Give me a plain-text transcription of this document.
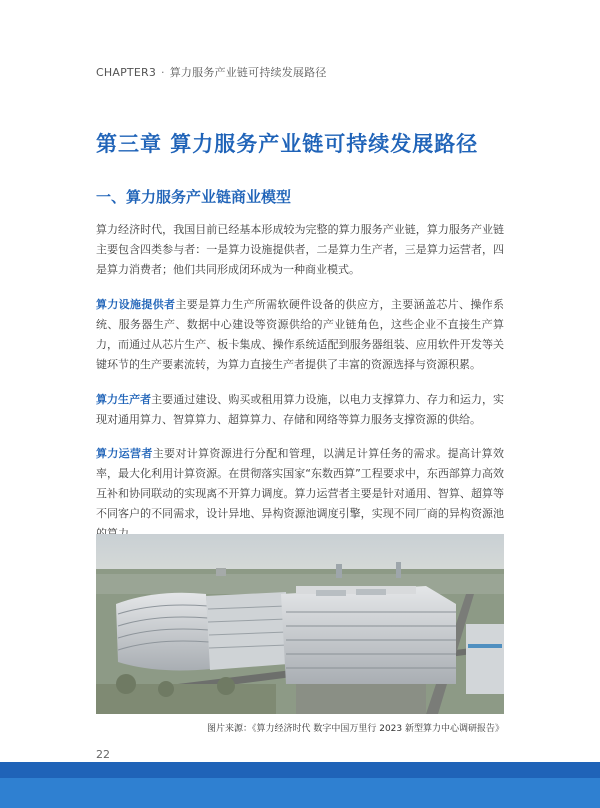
CHAPTER3 · 算力服务产业链可持续发展路径
第三章 算力服务产业链可持续发展路径
一、算力服务产业链商业模型

算力经济时代，我国目前已经基本形成较为完整的算力服务产业链，算力服务产业链主要包含四类参与者：一是算力设施提供者，二是算力生产者，三是算力运营者，四是算力消费者；他们共同形成闭环成为一种商业模式。

算力设施提供者主要是算力生产所需软硬件设备的供应方，主要涵盖芯片、操作系统、服务器生产、数据中心建设等资源供给的产业链角色，这些企业不直接生产算力，而通过从芯片生产、板卡集成、操作系统适配到服务器组装、应用软件开发等关键环节的生产要素流转，为算力直接生产者提供了丰富的资源选择与资源积累。

算力生产者主要通过建设、购买或租用算力设施，以电力支撑算力、存力和运力，实现对通用算力、智算算力、超算算力、存储和网络等算力服务支撑资源的供给。

算力运营者主要对计算资源进行分配和管理，以满足计算任务的需求。提高计算效率，最大化利用计算资源。在贯彻落实国家“东数西算”工程要求中，东西部算力高效互补和协同联动的实现离不开算力调度。算力运营者主要是针对通用、智算、超算等不同客户的不同需求，设计异地、异构资源池调度引擎，实现不同厂商的异构资源池

图片来源：《算力经济时代 数字中国万里行 2023 新型算力中心调研报告》
22
